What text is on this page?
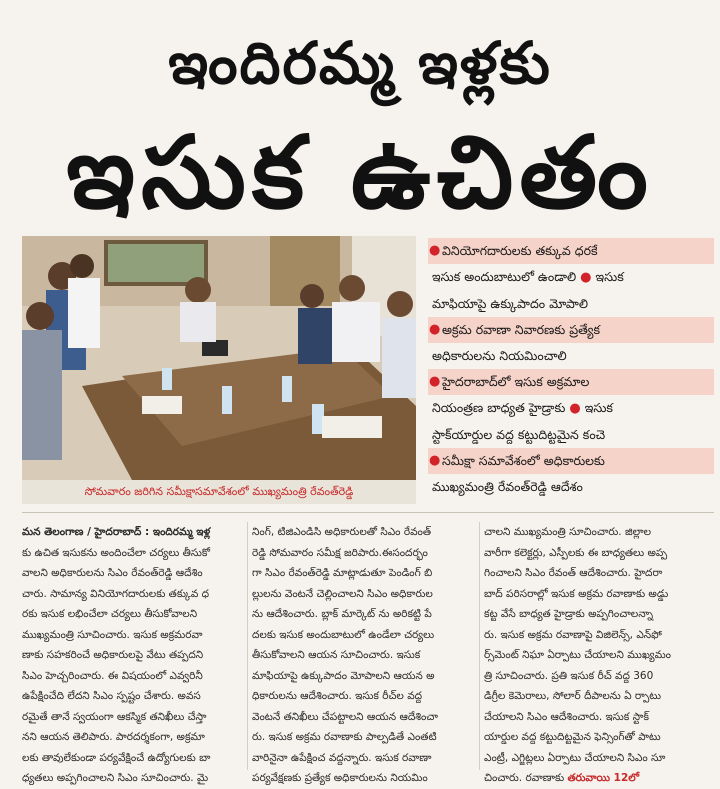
ఇందిరమ్మ ఇళ్లకు
ఇసుక ఉచితం
సోమవారం జరిగిన సమీక్షాసమావేశంలో ముఖ్యమంత్రి రేవంత్‌రెడ్డి
● వినియోగదారులకు తక్కువ ధరకే
ఇసుక అందుబాటులో ఉండాలి ● ఇసుక
మాఫియాపై ఉక్కుపాదం మోపాలి
● అక్రమ రవాణా నివారణకు ప్రత్యేక
అధికారులను నియమించాలి
● హైదరాబాద్‌లో ఇసుక అక్రమాల
నియంత్రణ బాధ్యత హైడ్రాకు ● ఇసుక
స్టాక్‌యార్డుల వద్ద కట్టుదిట్టమైన కంచె
● సమీక్షా సమావేశంలో అధికారులకు
ముఖ్యమంత్రి రేవంత్‌రెడ్డి ఆదేశం
మన తెలంగాణ / హైదరాబాద్ : ఇందిరమ్మ ఇళ్ల
కు ఉచిత ఇసుకను అందించేలా చర్యలు తీసుకో
వాలని అధికారులను సిఎం రేవంత్‌రెడ్డి ఆదేశిం
చారు. సామాన్య వినియోగదారులకు తక్కువ ధ
రకు ఇసుక లభించేలా చర్యలు తీసుకోవాలని
ముఖ్యమంత్రి సూచించారు. ఇసుక అక్రమరవా
ణాకు సహకరించే అధికారులపై వేటు తప్పదని
సిఎం హెచ్చరించారు. ఈ విషయంలో ఎవ్వరినీ
ఉపేక్షించేది లేదని సిఎం స్పష్టం చేశారు. అవస
రమైతే తానే స్వయంగా ఆకస్మిక తనిఖీలు చేస్తా
నని ఆయన తెలిపారు. పారదర్శకంగా, అక్రమా
లకు తావులేకుండా పర్యవేక్షించే ఉద్యోగులకు బా
ధ్యతలు అప్పగించాలని సిఎం సూచించారు. మై
నింగ్, టిజిఎండిసి అధికారులతో సిఎం రేవంత్
రెడ్డి సోమవారం సమీక్ష జరిపారు.ఈసందర్భం
గా సిఎం రేవంత్‌రెడ్డి మాట్లాడుతూ పెండింగ్ బి
ల్లులను వెంటనే చెల్లించాలని సిఎం అధికారుల
ను ఆదేశించారు. బ్లాక్ మార్కెట్ ను అరికట్టి పే
దలకు ఇసుక అందుబాటులో ఉండేలా చర్యలు
తీసుకోవాలని ఆయన సూచించారు. ఇసుక
మాఫియాపై ఉక్కుపాదం మోపాలని ఆయన అ
ధికారులను ఆదేశించారు. ఇసుక రీచ్‌ల వద్ద
వెంటనే తనిఖీలు చేపట్టాలని ఆయన ఆదేశించా
రు. ఇసుక అక్రమ రవాణాకు పాల్పడితే ఎంతటి
వారినైనా ఉపేక్షించ వద్దన్నారు. ఇసుక రవాణా
పర్యవేక్షణకు ప్రత్యేక అధికారులను నియమిం
చాలని ముఖ్యమంత్రి సూచించారు. జిల్లాల
వారీగా కలెక్టర్లు, ఎస్పీలకు ఈ బాధ్యతలు అప్ప
గించాలని సిఎం రేవంత్ ఆదేశించారు. హైదరా
బాద్ పరిసరాల్లో ఇసుక అక్రమ రవాణాకు అడ్డు
కట్ట వేసే బాధ్యత హైడ్రాకు అప్పగించాలన్నా
రు. ఇసుక అక్రమ రవాణాపై విజిలెన్స్, ఎన్‌ఫో
ర్స్‌మెంట్ నిఘా ఏర్పాటు చేయాలని ముఖ్యమం
త్రి సూచించారు. ప్రతి ఇసుక రీచ్ వద్ద 360
డిగ్రీల కెమెరాలు, సోలార్ దీపాలను ఏ ర్పాటు
చేయాలని సిఎం ఆదేశించారు. ఇసుక స్టాక్
యార్డుల వద్ద కట్టుదిట్టమైన ఫెన్సింగ్‌తో పాటు
ఎంట్రీ, ఎగ్జిట్లలు ఏర్పాటు చేయాలని సిఎం సూ
చించారు. రవాణాకు తరువాయి 12లో
